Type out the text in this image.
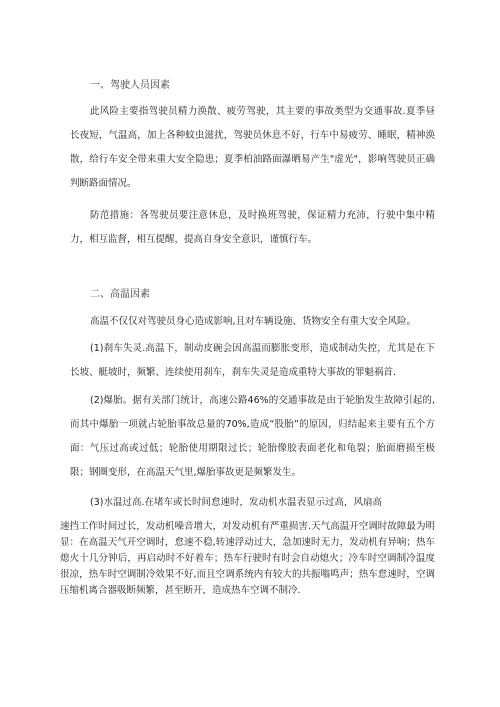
一、驾驶人员因素

此风险主要指驾驶员精力涣散、疲劳驾驶，其主要的事故类型为交通事故.夏季昼长夜短，气温高，加上各种蚊虫滋扰，驾驶员休息不好，行车中易疲劳、睡眠，精神涣散，给行车安全带来重大安全隐患；夏季柏油路面瀑晒易产生"虚光"，影响驾驶员正确判断路面情况。

防范措施：各驾驶员要注意休息，及时换班驾驶，保证精力充沛，行驶中集中精力，相互监督，相互提醒，提高自身安全意识，谨慎行车。

二、高温因素

高温不仅仅对驾驶员身心造成影响,且对车辆设施、货物安全有重大安全风险。

(1)刹车失灵.高温下，制动皮碗会因高温而膨胀变形，造成制动失控，尤其是在下长坡、艇坡时，频繁、连续使用刹车，刹车失灵是造成重特大事故的罪魁祸首.

(2)爆胎。据有关部门统计，高速公路46%的交通事故是由于轮胎发生故障引起的, 而其中爆胎一项就占轮胎事故总量的70%,造成“股胎”的原因，归结起来主要有五个方面：气压过高或过低；轮胎使用期限过长；轮胎像胶表面老化和龟裂；胎面磨损至极限；钢圈变形，在高温天气里,爆胎事故更是频繁发生。

(3)水温过高.在堵车或长时间怠速时，发动机水温表显示过高，风扇高

速挡工作时间过长，发动机噪音增大，对发动机有严重损害.天气高温开空调时故障最为明显：在高温天气开空调时，怠速不稳,转速浮动过大，急加速时无力，发动机有异响；热车熄火十几分钟后，再启动时不好着车；热车行驶时有时会自动熄火；冷车时空调制冷温度很凉，热车时空调制冷效果不好,而且空调系统内有较大的共振嗡鸣声；热车怠速时，空调压缩机离合器吸断频繁，甚至断开，造成热车空调不制冷.
